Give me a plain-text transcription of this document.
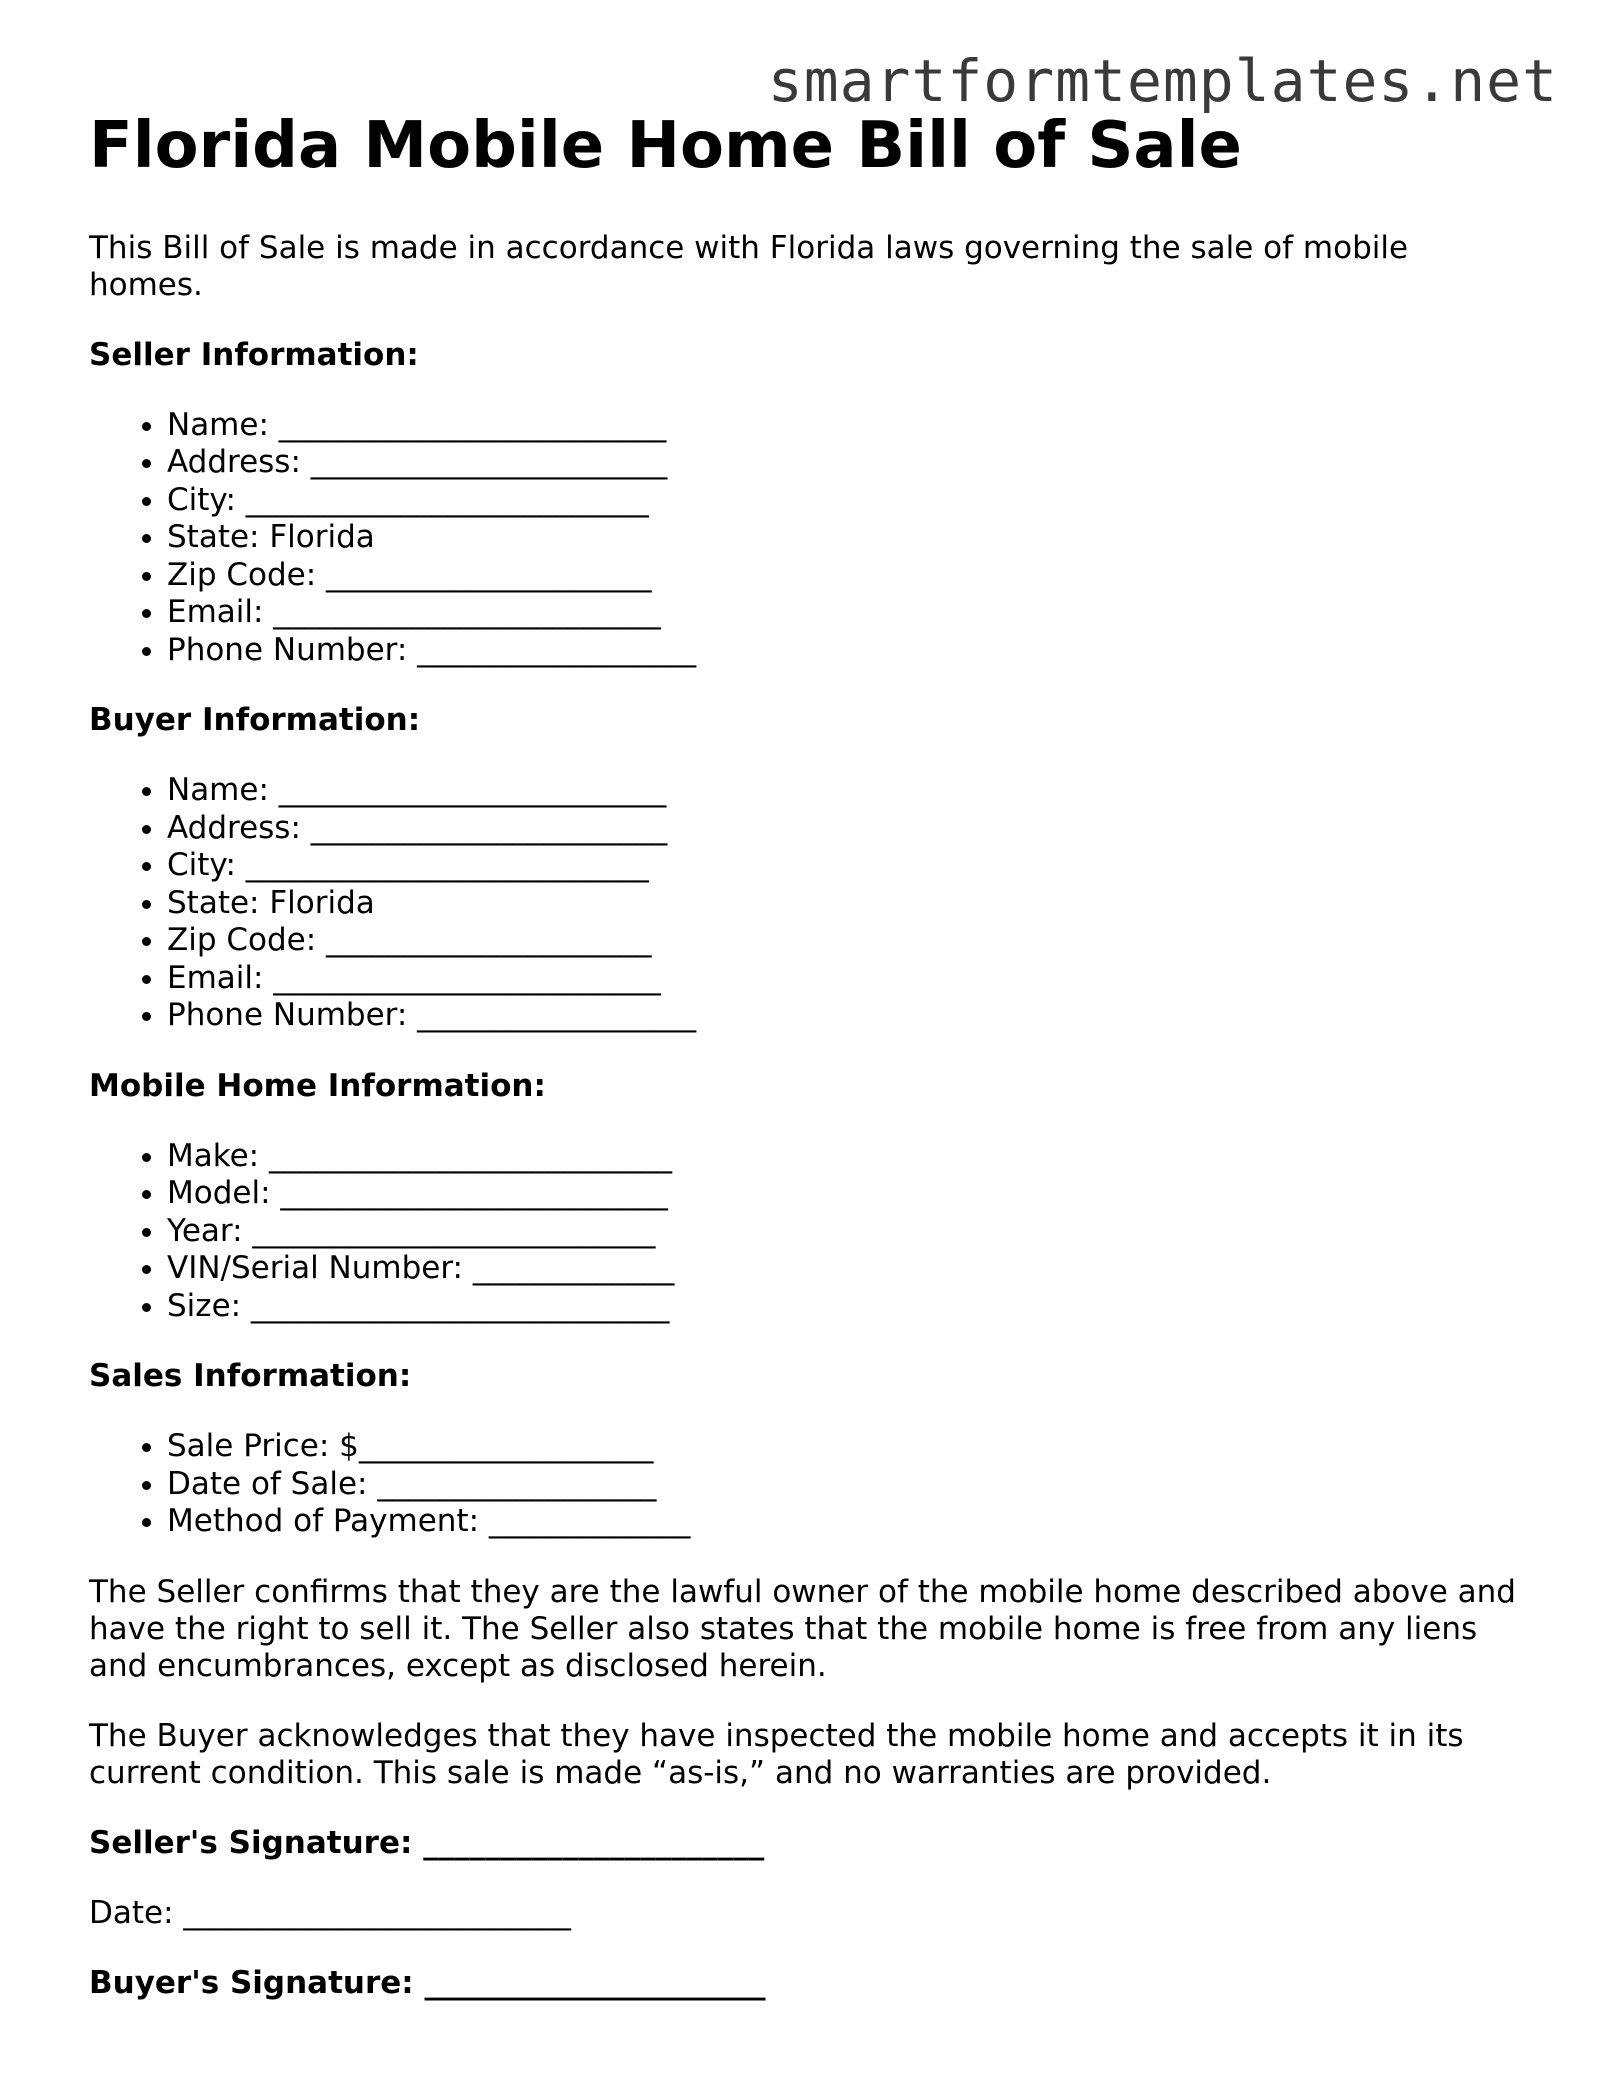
smartformtemplates.net
Florida Mobile Home Bill of Sale

This Bill of Sale is made in accordance with Florida laws governing the sale of mobile homes.

Seller Information:

• Name: _________________________
• Address: _______________________
• City: __________________________
• State: Florida
• Zip Code: _____________________
• Email: _________________________
• Phone Number: __________________

Buyer Information:

• Name: _________________________
• Address: _______________________
• City: __________________________
• State: Florida
• Zip Code: _____________________
• Email: _________________________
• Phone Number: __________________

Mobile Home Information:

• Make: __________________________
• Model: _________________________
• Year: __________________________
• VIN/Serial Number: _____________
• Size: ___________________________

Sales Information:

• Sale Price: $___________________
• Date of Sale: __________________
• Method of Payment: _____________

The Seller confirms that they are the lawful owner of the mobile home described above and have the right to sell it. The Seller also states that the mobile home is free from any liens and encumbrances, except as disclosed herein.

The Buyer acknowledges that they have inspected the mobile home and accepts it in its current condition. This sale is made “as-is,” and no warranties are provided.

Seller's Signature: ______________________

Date: _________________________

Buyer's Signature: ______________________
